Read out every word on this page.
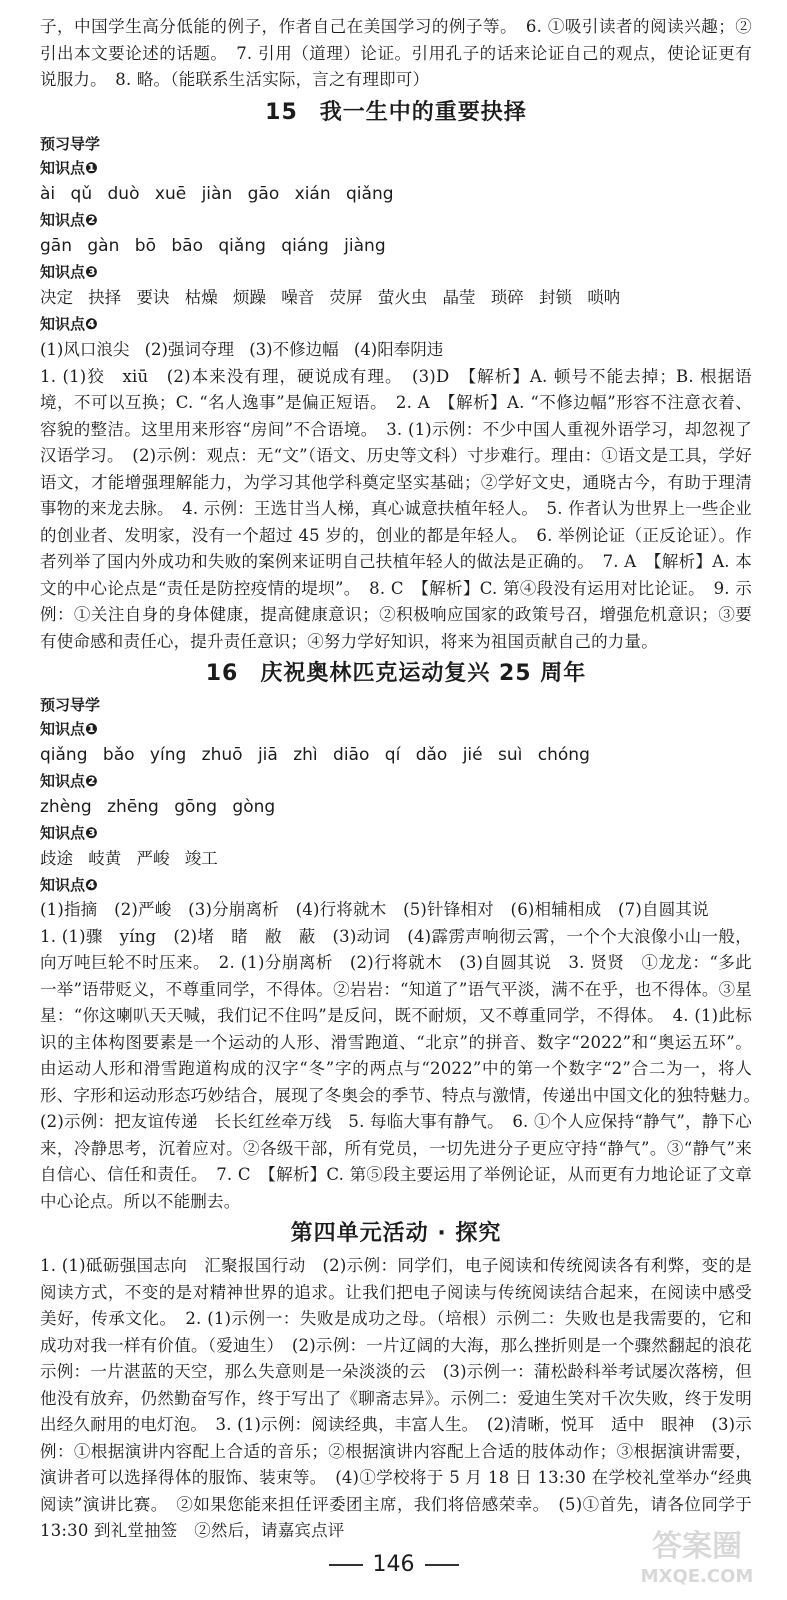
子，中国学生高分低能的例子，作者自己在美国学习的例子等。　6. ①吸引读者的阅读兴趣；②引出本文要论述的话题。　7. 引用（道理）论证。引用孔子的话来论证自己的观点，使论证更有说服力。　8. 略。（能联系生活实际，言之有理即可）

15 我一生中的重要抉择
预习导学
知识点❶
ài qǔ duò xuē jiàn gāo xián qiǎng
知识点❷
gān gàn bō bāo qiǎng qiáng jiàng
知识点❸
决定 抉择 要诀 枯燥 烦躁 噪音 荧屏 萤火虫 晶莹 琐碎 封锁 唢呐
知识点❹
(1)风口浪尖 (2)强词夺理 (3)不修边幅 (4)阳奉阴违

1. (1)狡　xiū　(2)本来没有理，硬说成有理。　(3)D　【解析】A. 顿号不能去掉；B. 根据语境，不可以互换；C. “名人逸事”是偏正短语。　2. A　【解析】A. “不修边幅”形容不注意衣着、容貌的整洁。这里用来形容“房间”不合语境。　3. (1)示例：不少中国人重视外语学习，却忽视了汉语学习。　(2)示例：观点：无“文”（语文、历史等文科）寸步难行。理由：①语文是工具，学好语文，才能增强理解能力，为学习其他学科奠定坚实基础；②学好文史，通晓古今，有助于理清事物的来龙去脉。　4. 示例：王选甘当人梯，真心诚意扶植年轻人。　5. 作者认为世界上一些企业的创业者、发明家，没有一个超过 45 岁的，创业的都是年轻人。　6. 举例论证（正反论证）。作者列举了国内外成功和失败的案例来证明自己扶植年轻人的做法是正确的。　7. A　【解析】A. 本文的中心论点是“责任是防控疫情的堤坝”。　8. C　【解析】C. 第④段没有运用对比论证。　9. 示例：①关注自身的身体健康，提高健康意识；②积极响应国家的政策号召，增强危机意识；③要有使命感和责任心，提升责任意识；④努力学好知识，将来为祖国贡献自己的力量。

16 庆祝奥林匹克运动复兴 25 周年
预习导学
知识点❶
qiǎng bǎo yíng zhuō jiā zhì diāo qí dǎo jié suì chóng
知识点❷
zhèng zhēng gōng gòng
知识点❸
歧途 岐黄 严峻 竣工
知识点❹

(1)指摘　(2)严峻　(3)分崩离析　(4)行将就木　(5)针锋相对　(6)相辅相成　(7)自圆其说

1. (1)骤　yíng　(2)堵　睹　敝　蔽　(3)动词　(4)霹雳声响彻云霄，一个个大浪像小山一般，向万吨巨轮不时压来。　2. (1)分崩离析　(2)行将就木　(3)自圆其说　3. 贤贤　①龙龙：“多此一举”语带贬义，不尊重同学，不得体。②岩岩：“知道了”语气平淡，满不在乎，也不得体。③星星：“你这喇叭天天喊，我们记不住吗”是反问，既不耐烦，又不尊重同学，不得体。　4. (1)此标识的主体构图要素是一个运动的人形、滑雪跑道、“北京”的拼音、数字“2022”和“奥运五环”。由运动人形和滑雪跑道构成的汉字“冬”字的两点与“2022”中的第一个数字“2”合二为一，将人形、字形和运动形态巧妙结合，展现了冬奥会的季节、特点与激情，传递出中国文化的独特魅力。　(2)示例：把友谊传递　长长红丝牵万线　5. 每临大事有静气。　6. ①个人应保持“静气”，静下心来，冷静思考，沉着应对。②各级干部，所有党员，一切先进分子更应守持“静气”。③“静气”来自信心、信任和责任。　7. C　【解析】C. 第⑤段主要运用了举例论证，从而更有力地论证了文章中心论点。所以不能删去。

第四单元活动 · 探究

1. (1)砥砺强国志向　汇聚报国行动　(2)示例：同学们，电子阅读和传统阅读各有利弊，变的是阅读方式，不变的是对精神世界的追求。让我们把电子阅读与传统阅读结合起来，在阅读中感受美好，传承文化。　2. (1)示例一：失败是成功之母。（培根）示例二：失败也是我需要的，它和成功对我一样有价值。（爱迪生）　(2)示例：一片辽阔的大海，那么挫折则是一个骤然翻起的浪花　示例：一片湛蓝的天空，那么失意则是一朵淡淡的云　(3)示例一：蒲松龄科举考试屡次落榜，但他没有放弃，仍然勤奋写作，终于写出了《聊斋志异》。示例二：爱迪生笑对千次失败，终于发明出经久耐用的电灯泡。　3. (1)示例：阅读经典，丰富人生。　(2)清晰，悦耳　适中　眼神　(3)示例：①根据演讲内容配上合适的音乐；②根据演讲内容配上合适的肢体动作；③根据演讲需要，演讲者可以选择得体的服饰、装束等。　(4)①学校将于 5 月 18 日 13:30 在学校礼堂举办“经典阅读”演讲比赛。　②如果您能来担任评委团主席，我们将倍感荣幸。　(5)①首先，请各位同学于13:30 到礼堂抽签　②然后，请嘉宾点评

146
答案圈
MXQE.COM
